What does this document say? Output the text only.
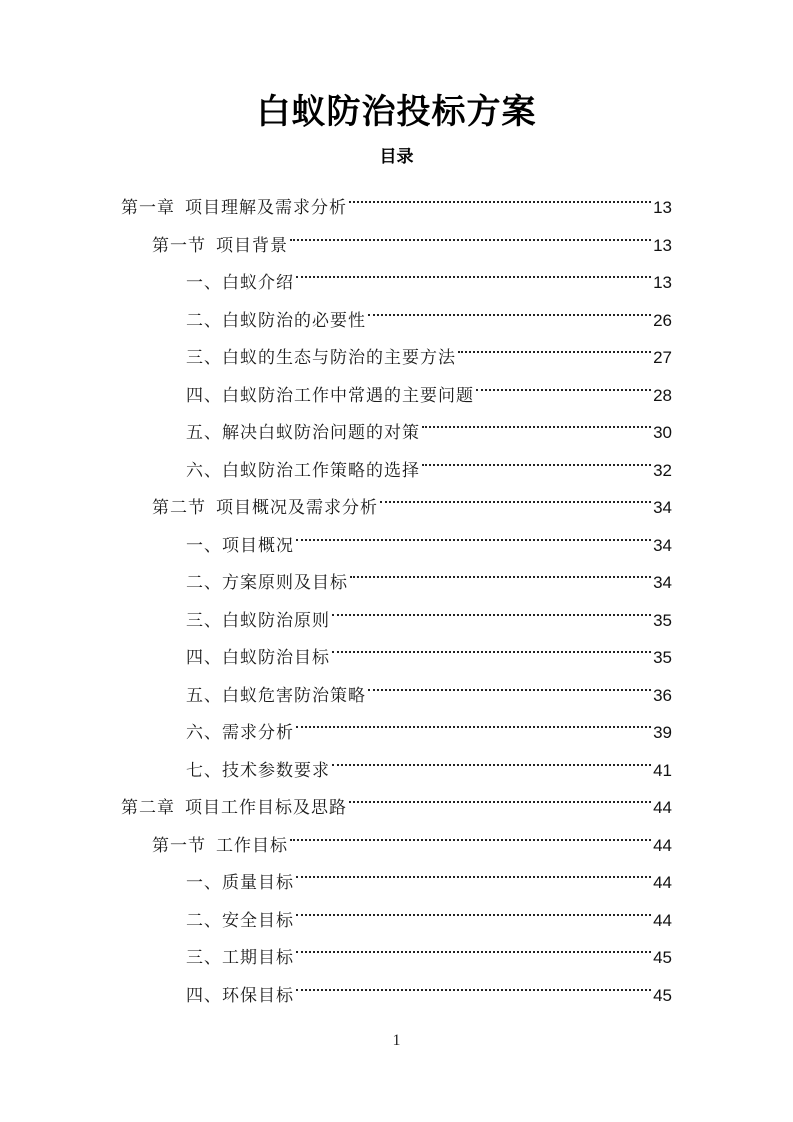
白蚁防治投标方案
目录
第一章 项目理解及需求分析	13
第一节 项目背景	13
一、白蚁介绍	13
二、白蚁防治的必要性	26
三、白蚁的生态与防治的主要方法	27
四、白蚁防治工作中常遇的主要问题	28
五、解决白蚁防治问题的对策	30
六、白蚁防治工作策略的选择	32
第二节 项目概况及需求分析	34
一、项目概况	34
二、方案原则及目标	34
三、白蚁防治原则	35
四、白蚁防治目标	35
五、白蚁危害防治策略	36
六、需求分析	39
七、技术参数要求	41
第二章 项目工作目标及思路	44
第一节 工作目标	44
一、质量目标	44
二、安全目标	44
三、工期目标	45
四、环保目标	45
1
